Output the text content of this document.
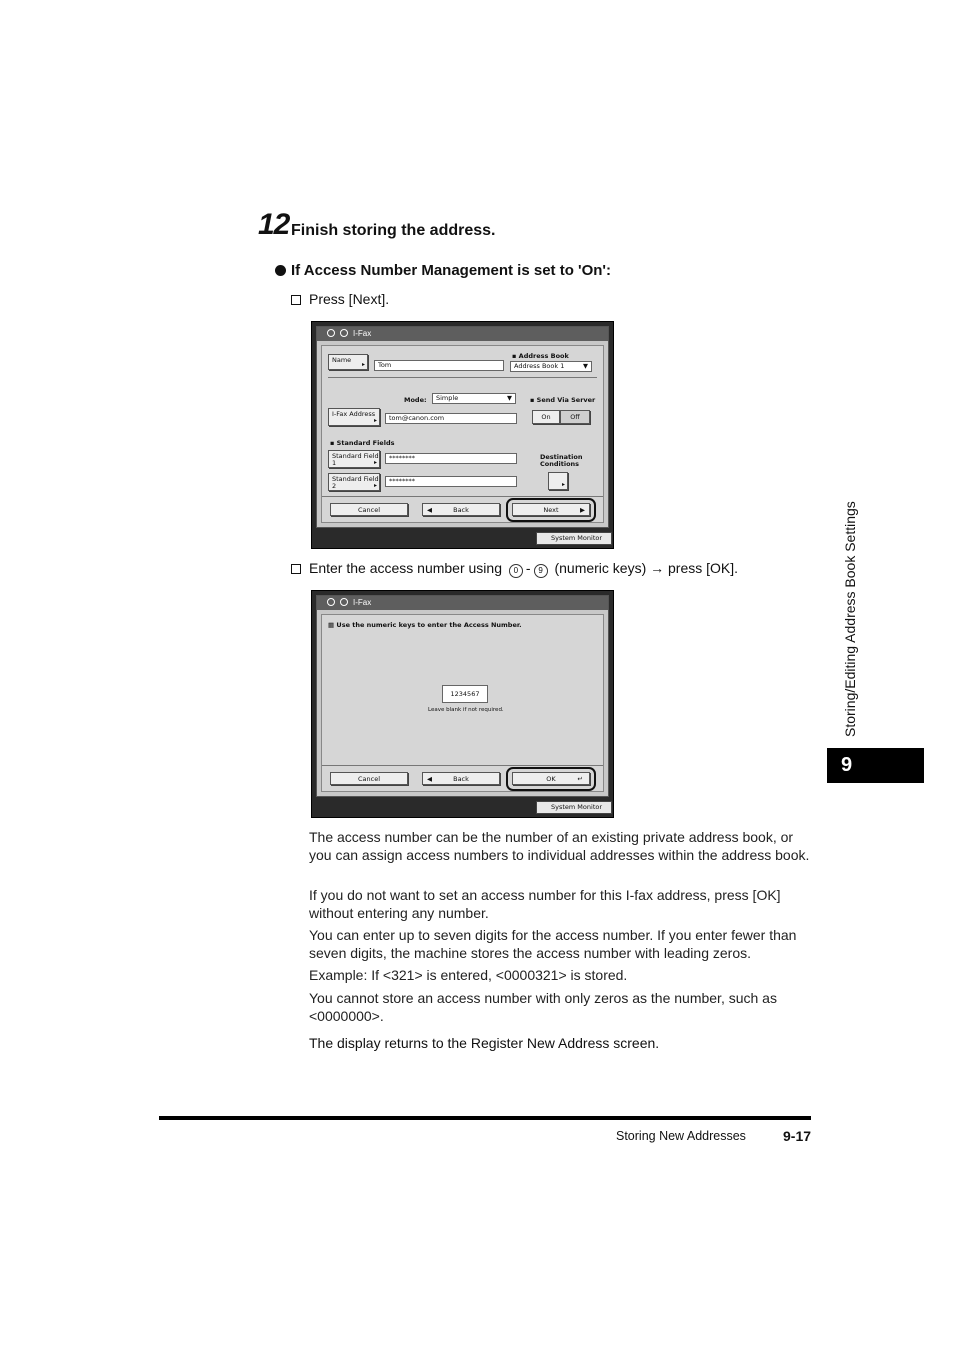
12 Finish storing the address.
If Access Number Management is set to 'On':
Press [Next].
I-Fax
Name
▸	Tom
▪ Address Book
Address Book 1	▼
Mode:	Simple	▼	▪ Send Via Server
On	Off
I-Fax Address
▸	tom@canon.com
▪ Standard Fields
Standard Field 1	▸
********
Standard Field 2	▸
********
Destination Conditions
▸
Cancel	◀	Back	Next	▶
System Monitor
Enter the access number using 0 - 9 (numeric keys) → press [OK].
I-Fax
▦ Use the numeric keys to enter the Access Number.
1234567
Leave blank if not required.
Cancel	◀	Back	OK	↵
System Monitor
The access number can be the number of an existing private address book, or you can assign access numbers to individual addresses within the address book.
If you do not want to set an access number for this I-fax address, press [OK] without entering any number.
You can enter up to seven digits for the access number. If you enter fewer than seven digits, the machine stores the access number with leading zeros.
Example: If <321> is entered, <0000321> is stored.
You cannot store an access number with only zeros as the number, such as <0000000>.
The display returns to the Register New Address screen.
Storing New Addresses	9-17
Storing/Editing Address Book Settings
9
